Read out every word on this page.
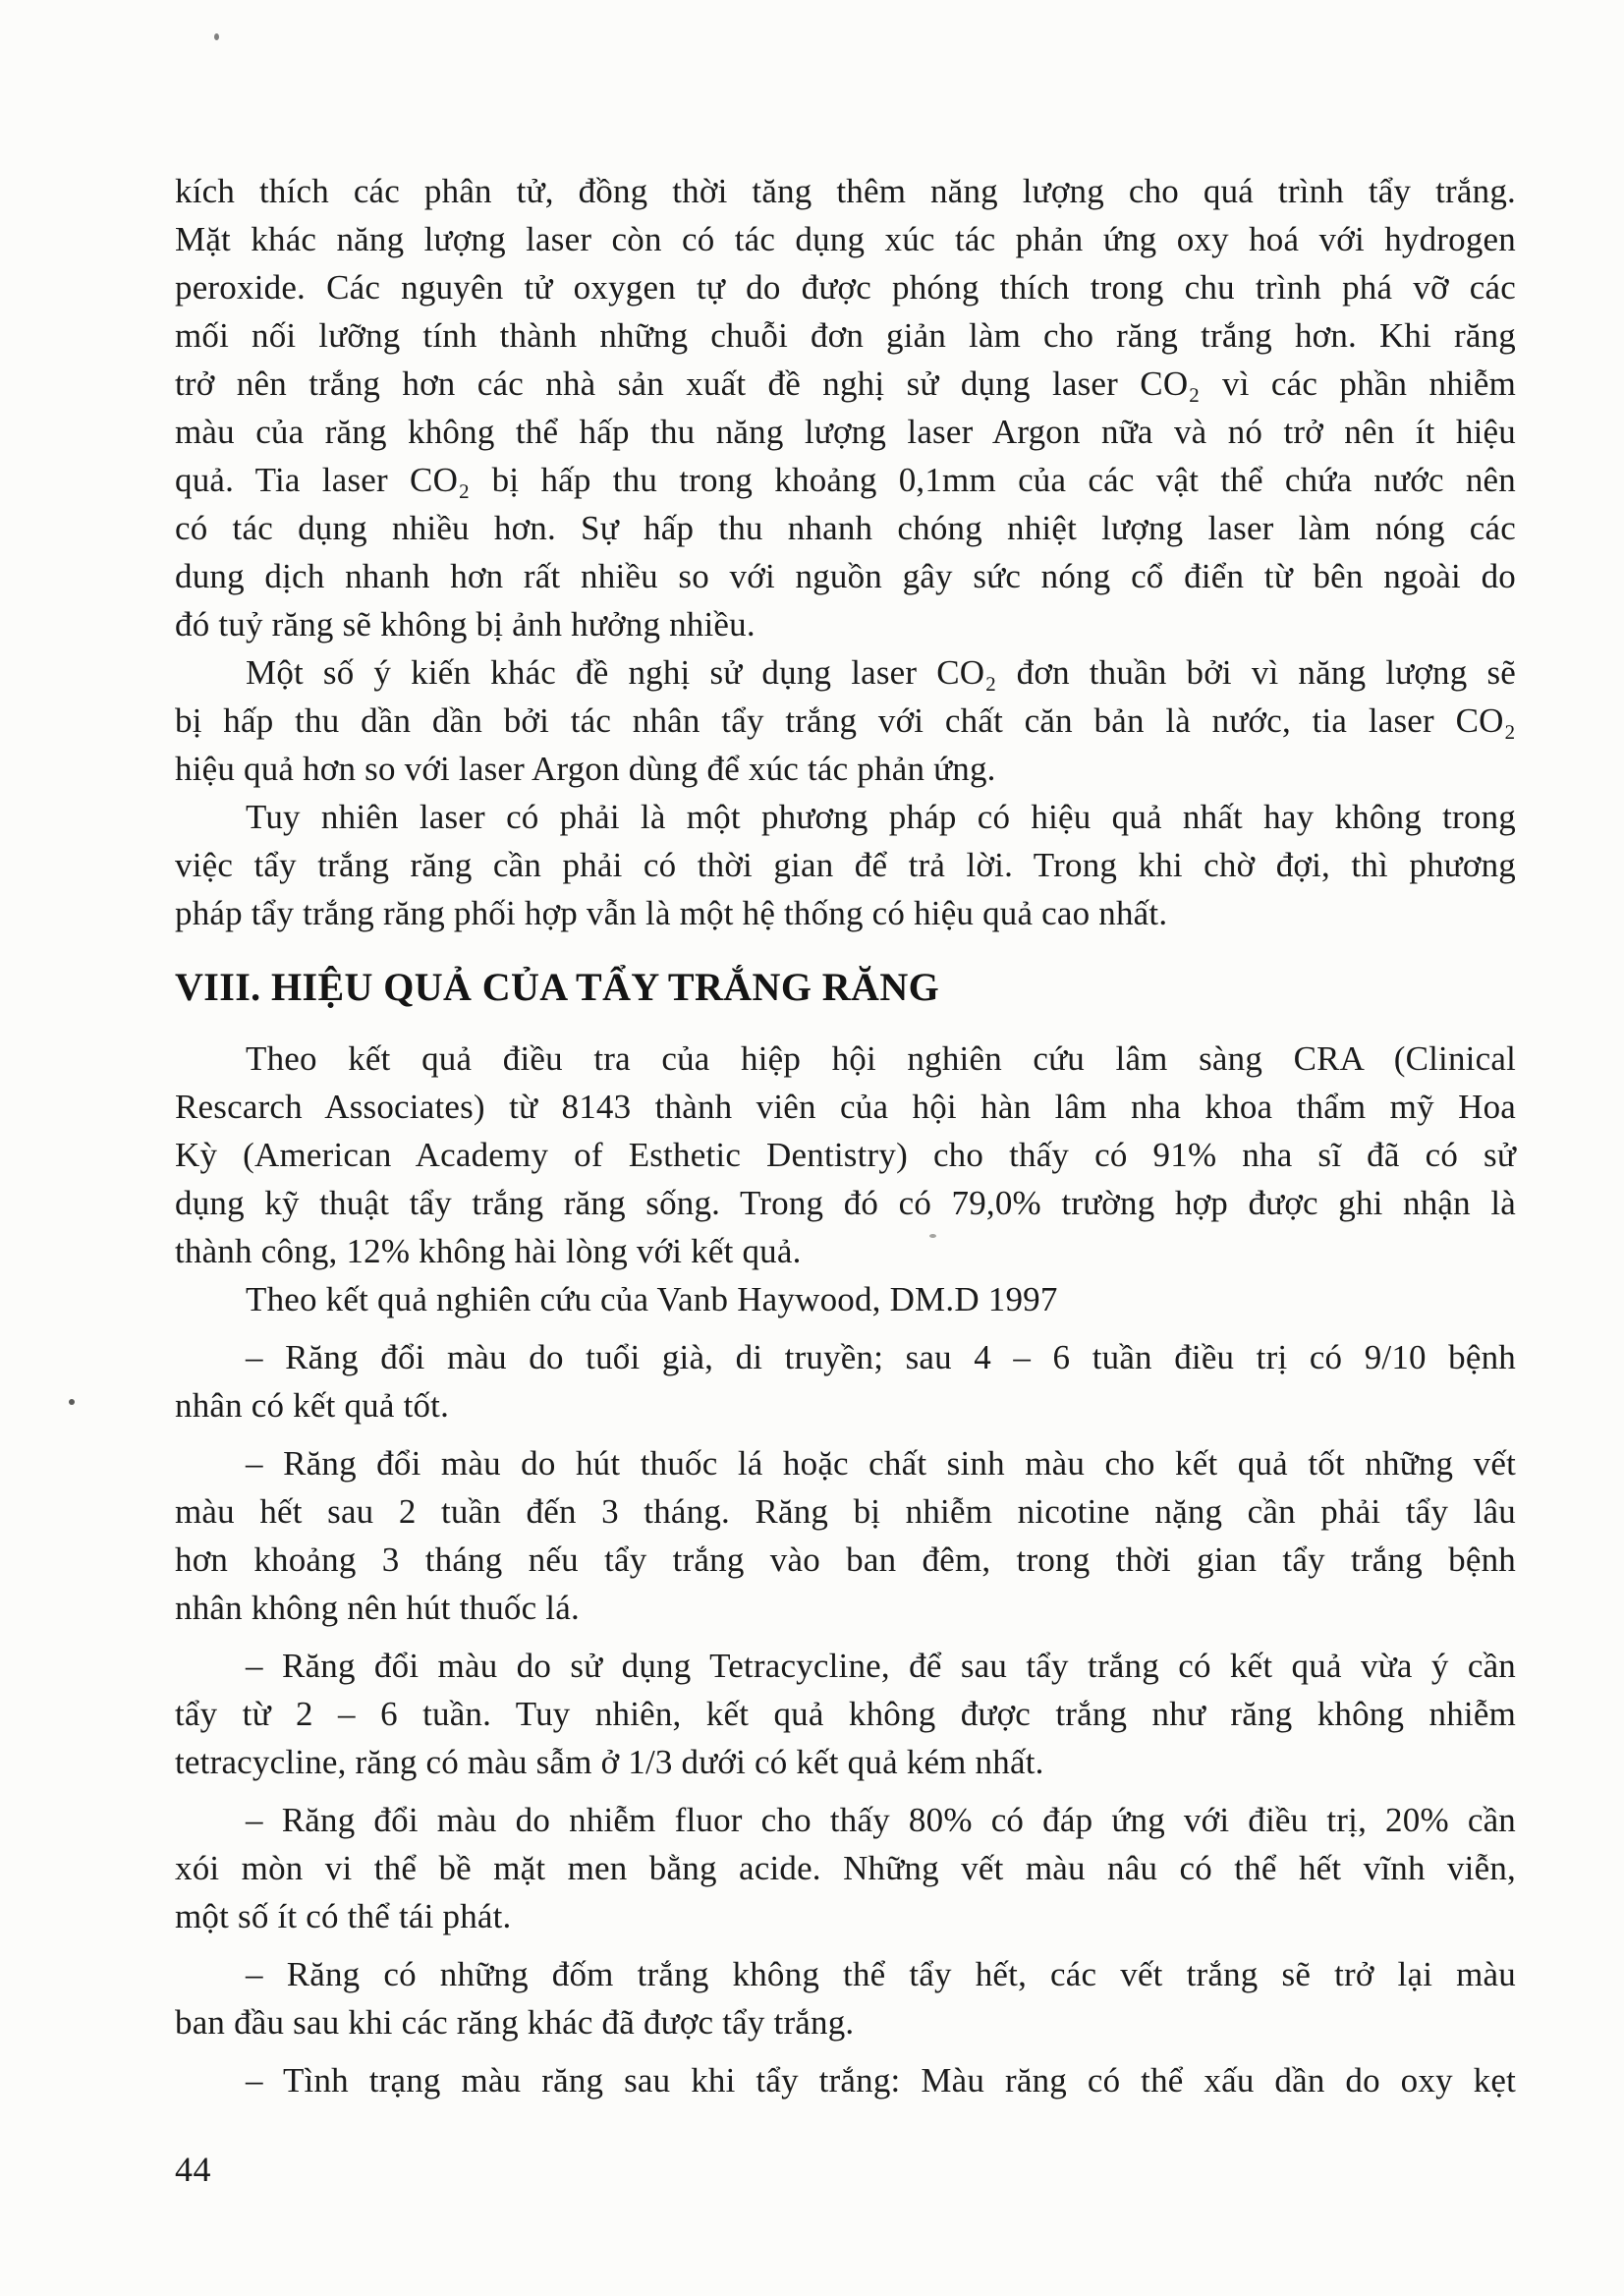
kích thích các phân tử, đồng thời tăng thêm năng lượng cho quá trình tẩy trắng.
Mặt khác năng lượng laser còn có tác dụng xúc tác phản ứng oxy hoá với hydrogen
peroxide. Các nguyên tử oxygen tự do được phóng thích trong chu trình phá vỡ các
mối nối lưỡng tính thành những chuỗi đơn giản làm cho răng trắng hơn. Khi răng
trở nên trắng hơn các nhà sản xuất đề nghị sử dụng laser CO₂ vì các phần nhiễm
màu của răng không thể hấp thu năng lượng laser Argon nữa và nó trở nên ít hiệu
quả. Tia laser CO₂ bị hấp thu trong khoảng 0,1mm của các vật thể chứa nước nên
có tác dụng nhiều hơn. Sự hấp thu nhanh chóng nhiệt lượng laser làm nóng các
dung dịch nhanh hơn rất nhiều so với nguồn gây sức nóng cổ điển từ bên ngoài do
đó tuỷ răng sẽ không bị ảnh hưởng nhiều.
Một số ý kiến khác đề nghị sử dụng laser CO₂ đơn thuần bởi vì năng lượng sẽ
bị hấp thu dần dần bởi tác nhân tẩy trắng với chất căn bản là nước, tia laser CO₂
hiệu quả hơn so với laser Argon dùng để xúc tác phản ứng.
Tuy nhiên laser có phải là một phương pháp có hiệu quả nhất hay không trong
việc tẩy trắng răng cần phải có thời gian để trả lời. Trong khi chờ đợi, thì phương
pháp tẩy trắng răng phối hợp vẫn là một hệ thống có hiệu quả cao nhất.
VIII. HIỆU QUẢ CỦA TẨY TRẮNG RĂNG
Theo kết quả điều tra của hiệp hội nghiên cứu lâm sàng CRA (Clinical
Rescarch Associates) từ 8143 thành viên của hội hàn lâm nha khoa thẩm mỹ Hoa
Kỳ (American Academy of Esthetic Dentistry) cho thấy có 91% nha sĩ đã có sử
dụng kỹ thuật tẩy trắng răng sống. Trong đó có 79,0% trường hợp được ghi nhận là
thành công, 12% không hài lòng với kết quả.
Theo kết quả nghiên cứu của Vanb Haywood, DM.D 1997
– Răng đổi màu do tuổi già, di truyền; sau 4 – 6 tuần điều trị có 9/10 bệnh
nhân có kết quả tốt.
– Răng đổi màu do hút thuốc lá hoặc chất sinh màu cho kết quả tốt những vết
màu hết sau 2 tuần đến 3 tháng. Răng bị nhiễm nicotine nặng cần phải tẩy lâu
hơn khoảng 3 tháng nếu tẩy trắng vào ban đêm, trong thời gian tẩy trắng bệnh
nhân không nên hút thuốc lá.
– Răng đổi màu do sử dụng Tetracycline, để sau tẩy trắng có kết quả vừa ý cần
tẩy từ 2 – 6 tuần. Tuy nhiên, kết quả không được trắng như răng không nhiễm
tetracycline, răng có màu sẫm ở 1/3 dưới có kết quả kém nhất.
– Răng đổi màu do nhiễm fluor cho thấy 80% có đáp ứng với điều trị, 20% cần
xói mòn vi thể bề mặt men bằng acide. Những vết màu nâu có thể hết vĩnh viễn,
một số ít có thể tái phát.
– Răng có những đốm trắng không thể tẩy hết, các vết trắng sẽ trở lại màu
ban đầu sau khi các răng khác đã được tẩy trắng.
– Tình trạng màu răng sau khi tẩy trắng: Màu răng có thể xấu dần do oxy kẹt
44
